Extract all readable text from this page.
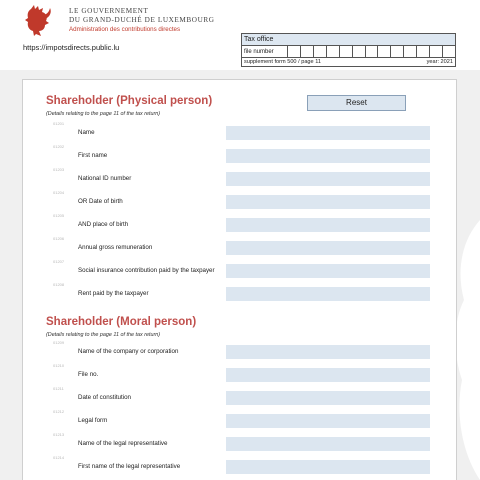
LE GOUVERNEMENT
DU GRAND-DUCHÉ DE LUXEMBOURG
Administration des contributions directes
https://impotsdirects.public.lu
Tax office
file number
supplement form 500 / page 11	year: 2021
Reset
Shareholder (Physical person)
(Details relating to the page 11 of the tax return)
01201
Name
01202
First name
01203
National ID number
01204
OR Date of birth
01205
AND place of birth
01206
Annual gross remuneration
01207
Social insurance contribution paid by the taxpayer
01208
Rent paid by the taxpayer
Shareholder (Moral person)
(Details relating to the page 11 of the tax return)
01209
Name of the company or corporation
01210
File no.
01211
Date of constitution
01212
Legal form
01213
Name of the legal representative
01214
First name of the legal representative
